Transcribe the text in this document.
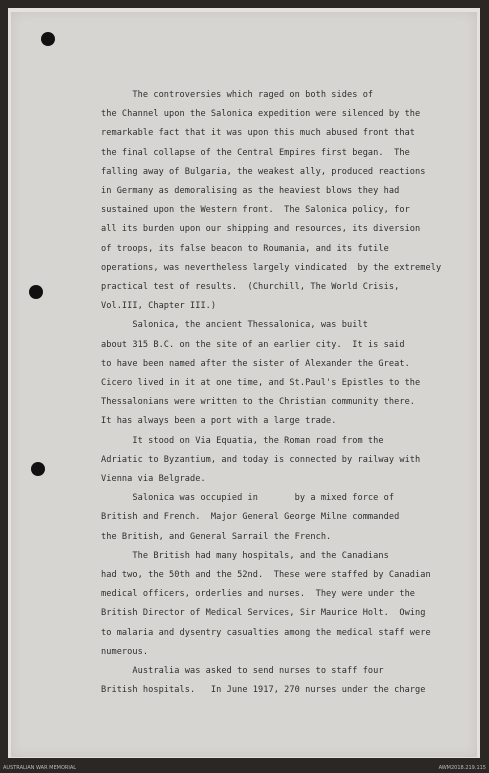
The controversies which raged on both sides of

the Channel upon the Salonica expedition were silenced by the

remarkable fact that it was upon this much abused front that

the final collapse of the Central Empires first began.  The

falling away of Bulgaria, the weakest ally, produced reactions

in Germany as demoralising as the heaviest blows they had

sustained upon the Western front.  The Salonica policy, for

all its burden upon our shipping and resources, its diversion

of troops, its false beacon to Roumania, and its futile

operations, was nevertheless largely vindicated  by the extremely

practical test of results.  (Churchill, The World Crisis,

Vol.III, Chapter III.)

Salonica, the ancient Thessalonica, was built

about 315 B.C. on the site of an earlier city.  It is said

to have been named after the sister of Alexander the Great.

Cicero lived in it at one time, and St.Paul's Epistles to the

Thessalonians were written to the Christian community there.

It has always been a port with a large trade.

It stood on Via Equatia, the Roman road from the

Adriatic to Byzantium, and today is connected by railway with

Vienna via Belgrade.

Salonica was occupied in       by a mixed force of

British and French.  Major General George Milne commanded

the British, and General Sarrail the French.

The British had many hospitals, and the Canadians

had two, the 50th and the 52nd.  These were staffed by Canadian

medical officers, orderlies and nurses.  They were under the

British Director of Medical Services, Sir Maurice Holt.  Owing

to malaria and dysentry casualties among the medical staff were

numerous.

Australia was asked to send nurses to staff four

British hospitals.   In June 1917, 270 nurses under the charge

AUSTRALIAN WAR MEMORIAL	AWM2018.219.115
